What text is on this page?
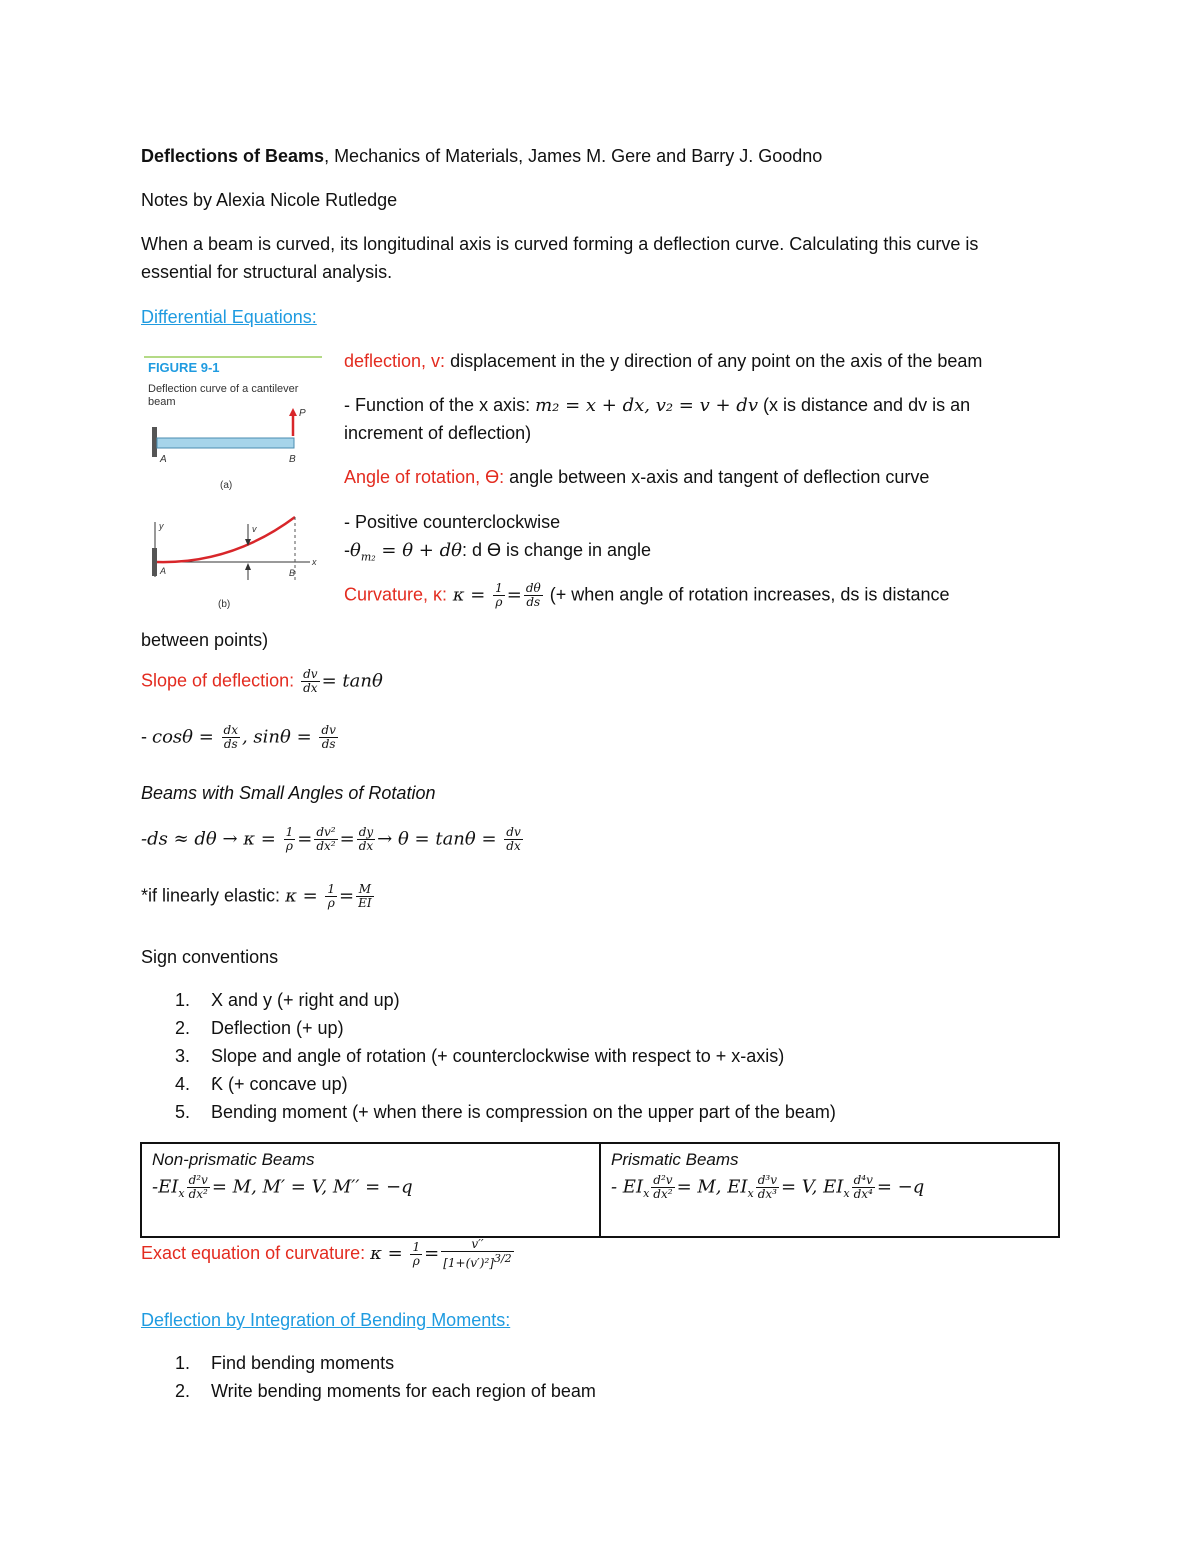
Deflections of Beams, Mechanics of Materials, James M. Gere and Barry J. Goodno
Notes by Alexia Nicole Rutledge
When a beam is curved, its longitudinal axis is curved forming a deflection curve. Calculating this curve is
essential for structural analysis.
Differential Equations:
FIGURE 9-1
Deflection curve of a cantilever
beam
P
A	B
(a)
y
x
v
A	B
(b)
deflection, v: displacement in the y direction of any point on the axis of the beam
- Function of the x axis: m₂ = x + dx, v₂ = v + dv (x is distance and dv is an
increment of deflection)
Angle of rotation, Ө: angle between x-axis and tangent of deflection curve
- Positive counterclockwise
$-\theta_{m_2} = \theta + d\theta$: d Ө is change in angle
Curvature, ĸ: $\kappa = \frac{1}{\rho} = \frac{d\theta}{ds}$ (+ when angle of rotation increases, ds is distance
between points)
Slope of deflection: $\frac{dv}{dx} = \tan\theta$
- $\cos\theta = \frac{dx}{ds}$ , $\sin\theta = \frac{dv}{ds}$
Beams with Small Angles of Rotation
$-ds \approx d\theta \to \kappa = \frac{1}{\rho} = \frac{\text{dv²}}{\text{dx²}} = \frac{dy}{dx} \to \theta = \tan\theta = \frac{dv}{dx}$
*if linearly elastic: $\kappa = \frac{1}{\rho} = \frac{M}{EI}$
Sign conventions
1. X and y (+ right and up)
2. Deflection (+ up)
3. Slope and angle of rotation (+ counterclockwise with respect to + x-axis)
4. Ƙ (+ concave up)
5. Bending moment (+ when there is compression on the upper part of the beam)
Non-prismatic Beams
$-EI_x \frac{\text{d²v}}{\text{dx²}} = M$, M′ = V, M′′ = −q

Prismatic Beams
- $EI_x \frac{\text{d²v}}{\text{dx²}} = M$, $EI_x \frac{\text{d³v}}{\text{dx³}} = V$, $EI_x \frac{\text{d⁴v}}{\text{dx⁴}} = -q$
Exact equation of curvature: $\kappa = \frac{1}{\rho} = \frac{v''}{[1+(v')^2]^{3/2}}$
Deflection by Integration of Bending Moments:
1. Find bending moments
2. Write bending moments for each region of beam
